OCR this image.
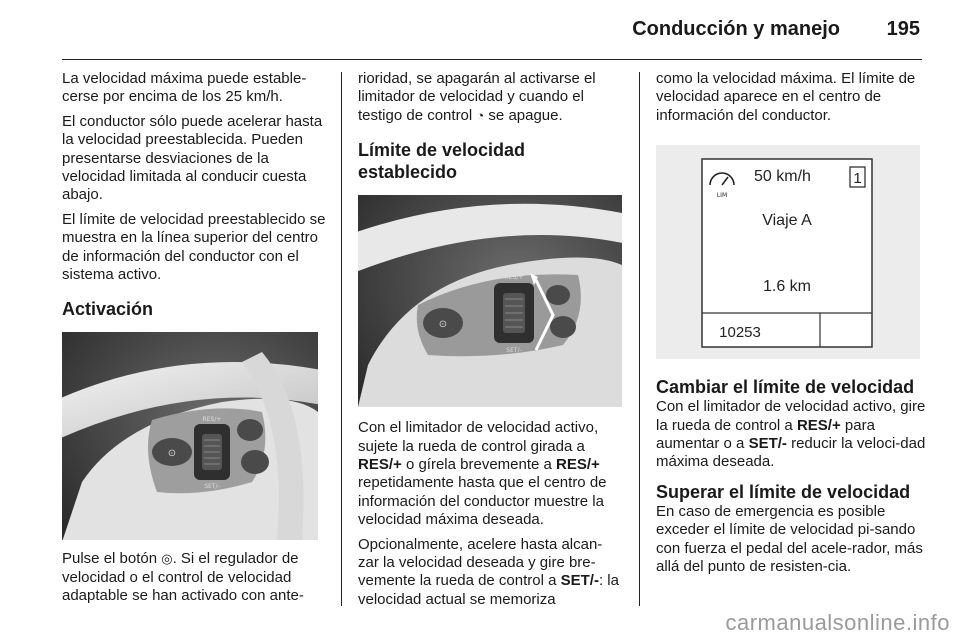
Conducción y manejo 195

La velocidad máxima puede estable-cerse por encima de los 25 km/h.

El conductor sólo puede acelerar hasta la velocidad preestablecida. Pueden presentarse desviaciones de la velocidad limitada al conducir cuesta abajo.

El límite de velocidad preestablecido se muestra en la línea superior del centro de información del conductor con el sistema activo.

Activación
⊙
RES/+
SET/-

Pulse el botón ◎. Si el regulador de velocidad o el control de velocidad adaptable se han activado con ante-

rioridad, se apagarán al activarse el limitador de velocidad y cuando el testigo de control ◔ se apague.

Límite de velocidad establecido
⊙
RES/+
SET/-

Con el limitador de velocidad activo, sujete la rueda de control girada a RES/+ o gírela brevemente a RES/+ repetidamente hasta que el centro de información del conductor muestre la velocidad máxima deseada.

Opcionalmente, acelere hasta alcan-zar la velocidad deseada y gire bre-vemente la rueda de control a SET/-: la velocidad actual se memoriza

como la velocidad máxima. El límite de velocidad aparece en el centro de información del conductor.

LIM
50 km/h	1
Viaje A
1.6 km
10253
Cambiar el límite de velocidad

Con el limitador de velocidad activo, gire la rueda de control a RES/+ para aumentar o a SET/- reducir la veloci-dad máxima deseada.

Superar el límite de velocidad

En caso de emergencia es posible exceder el límite de velocidad pi-sando con fuerza el pedal del acele-rador, más allá del punto de resisten-cia.

carmanualsonline.info
